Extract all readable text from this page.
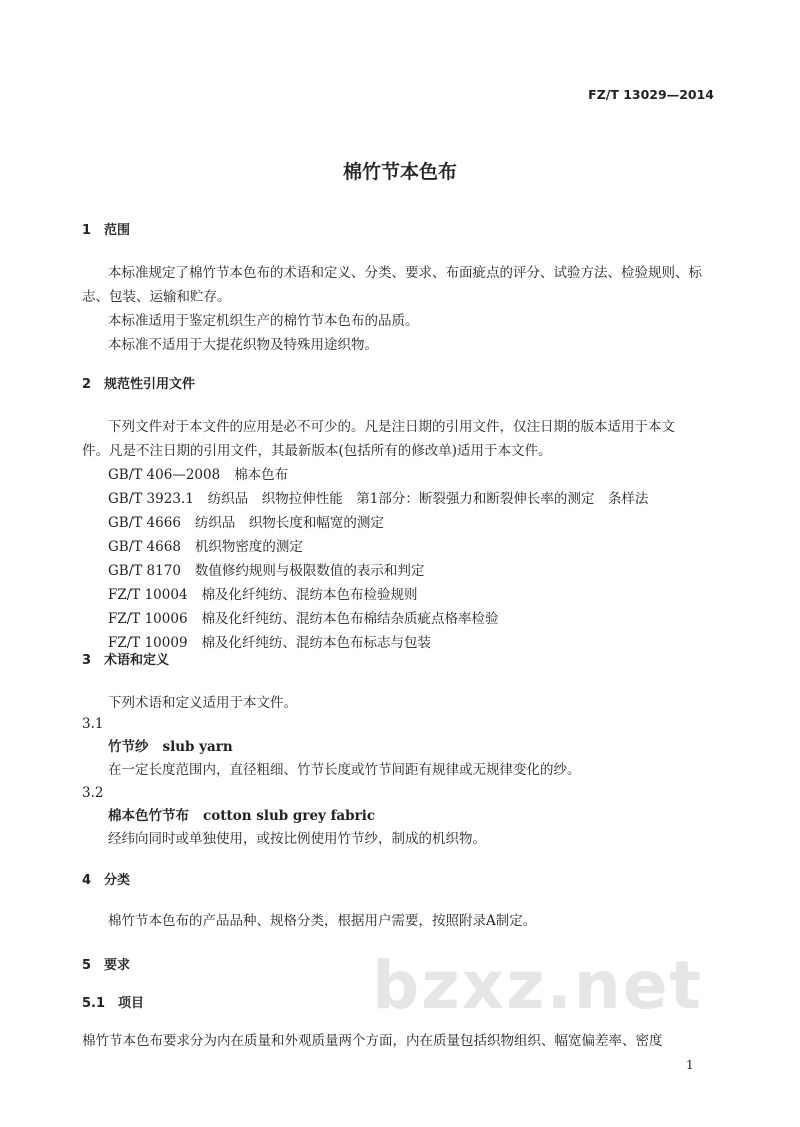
FZ/T 13029—2014
棉竹节本色布
1　范围
本标准规定了棉竹节本色布的术语和定义、分类、要求、布面疵点的评分、试验方法、检验规则、标
志、包装、运输和贮存。
本标准适用于鉴定机织生产的棉竹节本色布的品质。
本标准不适用于大提花织物及特殊用途织物。
2　规范性引用文件
下列文件对于本文件的应用是必不可少的。凡是注日期的引用文件，仅注日期的版本适用于本文
件。凡是不注日期的引用文件，其最新版本(包括所有的修改单)适用于本文件。
GB/T 406—2008 棉本色布
GB/T 3923.1 纺织品　织物拉伸性能　第1部分：断裂强力和断裂伸长率的测定　条样法
GB/T 4666 纺织品　织物长度和幅宽的测定
GB/T 4668 机织物密度的测定
GB/T 8170 数值修约规则与极限数值的表示和判定
FZ/T 10004 棉及化纤纯纺、混纺本色布检验规则
FZ/T 10006 棉及化纤纯纺、混纺本色布棉结杂质疵点格率检验
FZ/T 10009 棉及化纤纯纺、混纺本色布标志与包装
3　术语和定义
下列术语和定义适用于本文件。
3.1
竹节纱 slub yarn
在一定长度范围内，直径粗细、竹节长度或竹节间距有规律或无规律变化的纱。
3.2
棉本色竹节布 cotton slub grey fabric
经纬向同时或单独使用，或按比例使用竹节纱，制成的机织物。
4　分类
棉竹节本色布的产品品种、规格分类，根据用户需要，按照附录A制定。
5　要求
5.1　项目	bzxz.net
棉竹节本色布要求分为内在质量和外观质量两个方面，内在质量包括织物组织、幅宽偏差率、密度
1
